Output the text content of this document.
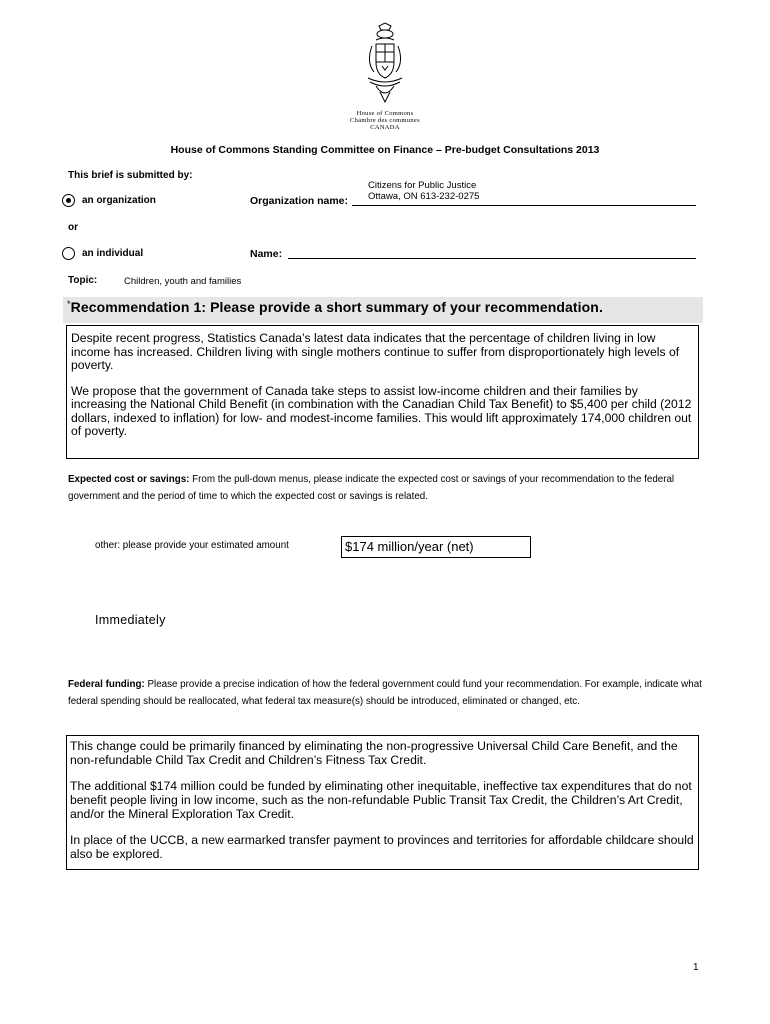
House of Commons
Chambre des communes
CANADA
House of Commons Standing Committee on Finance – Pre-budget Consultations 2013
This brief is submitted by:
an organization	Organization name:
Citizens for Public Justice
Ottawa, ON 613-232-0275
or
an individual	Name:
Topic:	Children, youth and families
*Recommendation 1: Please provide a short summary of your recommendation.

Despite recent progress, Statistics Canada’s latest data indicates that the percentage of children living in low income has increased. Children living with single mothers continue to suffer from disproportionately high levels of poverty.

We propose that the government of Canada take steps to assist low-income children and their families by increasing the National Child Benefit (in combination with the Canadian Child Tax Benefit) to $5,400 per child (2012 dollars, indexed to inflation) for low- and modest-income families. This would lift approximately 174,000 children out of poverty.

Expected cost or savings: From the pull-down menus, please indicate the expected cost or savings of your recommendation to the federal government and the period of time to which the expected cost or savings is related.
other: please provide your estimated amount	$174 million/year (net)
Immediately
Federal funding: Please provide a precise indication of how the federal government could fund your recommendation. For example, indicate what federal spending should be reallocated, what federal tax measure(s) should be introduced, eliminated or changed, etc.

This change could be primarily financed by eliminating the non-progressive Universal Child Care Benefit, and the non-refundable Child Tax Credit and Children’s Fitness Tax Credit.

The additional $174 million could be funded by eliminating other inequitable, ineffective tax expenditures that do not benefit people living in low income, such as the non-refundable Public Transit Tax Credit, the Children’s Art Credit, and/or the Mineral Exploration Tax Credit.

In place of the UCCB, a new earmarked transfer payment to provinces and territories for affordable childcare should also be explored.

1
